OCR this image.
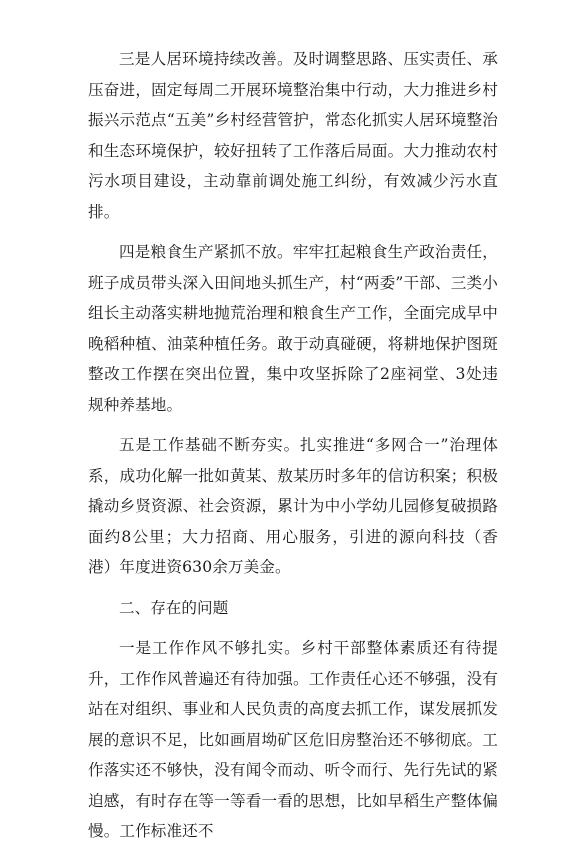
三是人居环境持续改善。及时调整思路、压实责任、承压奋进，固定每周二开展环境整治集中行动，大力推进乡村振兴示范点“五美”乡村经营管护，常态化抓实人居环境整治和生态环境保护，较好扭转了工作落后局面。大力推动农村污水项目建设，主动靠前调处施工纠纷，有效减少污水直排。

四是粮食生产紧抓不放。牢牢扛起粮食生产政治责任，班子成员带头深入田间地头抓生产，村“两委”干部、三类小组长主动落实耕地抛荒治理和粮食生产工作，全面完成早中晚稻种植、油菜种植任务。敢于动真碰硬，将耕地保护图斑整改工作摆在突出位置，集中攻坚拆除了2座祠堂、3处违规种养基地。

五是工作基础不断夯实。扎实推进“多网合一”治理体系，成功化解一批如黄某、敖某历时多年的信访积案；积极撬动乡贤资源、社会资源，累计为中小学幼儿园修复破损路面约8公里；大力招商、用心服务，引进的源向科技（香港）年度进资630余万美金。

二、存在的问题

一是工作作风不够扎实。乡村干部整体素质还有待提升，工作作风普遍还有待加强。工作责任心还不够强，没有站在对组织、事业和人民负责的高度去抓工作，谋发展抓发展的意识不足，比如画眉坳矿区危旧房整治还不够彻底。工作落实还不够快，没有闻令而动、听令而行、先行先试的紧迫感，有时存在等一等看一看的思想，比如早稻生产整体偏慢。工作标准还不
